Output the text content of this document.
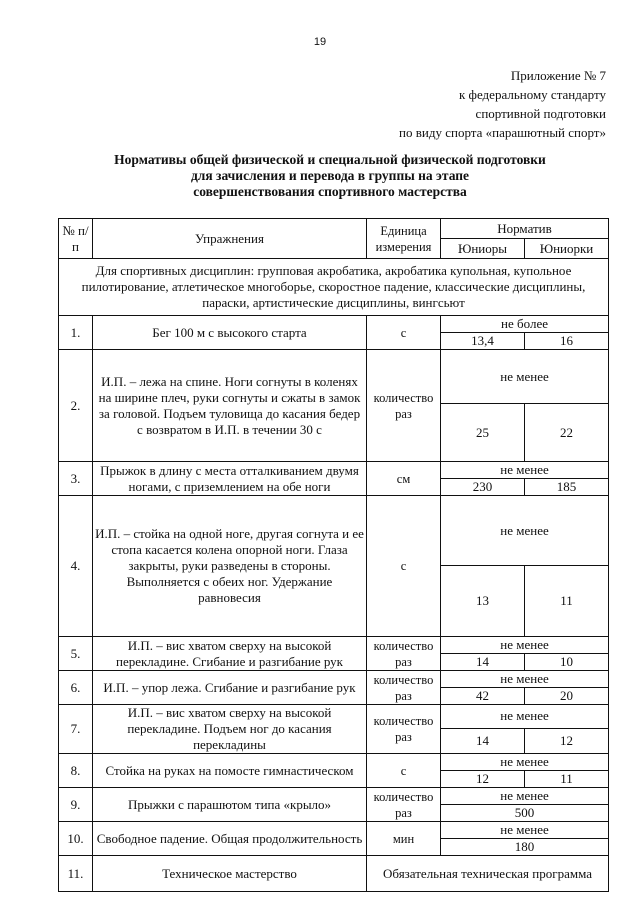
19
Приложение № 7
к федеральному стандарту
спортивной подготовки
по виду спорта «парашютный спорт»
Нормативы общей физической и специальной физической подготовки
для зачисления и перевода в группы на этапе
совершенствования спортивного мастерства
№ п/п	Упражнения	Единица измерения	Норматив	
			Юниоры	Юниорки
Для спортивных дисциплин: групповая акробатика, акробатика купольная, купольное пилотирование, атлетическое многоборье, скоростное падение, классические дисциплины, параски, артистические дисциплины, вингсьют				
1.	Бег 100 м с высокого старта	с	не более	
			13,4	16
2.	И.П. – лежа на спине. Ноги согнуты в коленях на ширине плеч, руки согнуты и сжаты в замок за головой. Подъем туловища до касания бедер с возвратом в И.П. в течении 30 с	количество раз	не менее	
			25	22
3.	Прыжок в длину с места отталкиванием двумя ногами, с приземлением на обе ноги	см	не менее	
			230	185
4.	И.П. – стойка на одной ноге, другая согнута и ее стопа касается колена опорной ноги. Глаза закрыты, руки разведены в стороны. Выполняется с обеих ног. Удержание равновесия	с	не менее	
			13	11
5.	И.П. – вис хватом сверху на высокой перекладине. Сгибание и разгибание рук	количество раз	не менее	
			14	10
6.	И.П. – упор лежа. Сгибание и разгибание рук	количество раз	не менее	
			42	20
7.	И.П. – вис хватом сверху на высокой перекладине. Подъем ног до касания перекладины	количество раз	не менее	
			14	12
8.	Стойка на руках на помосте гимнастическом	с	не менее	
			12	11
9.	Прыжки с парашютом типа «крыло»	количество раз	не менее	
			500	
10.	Свободное падение. Общая продолжительность	мин	не менее	
			180	
11.	Техническое мастерство	Обязательная техническая программа		
